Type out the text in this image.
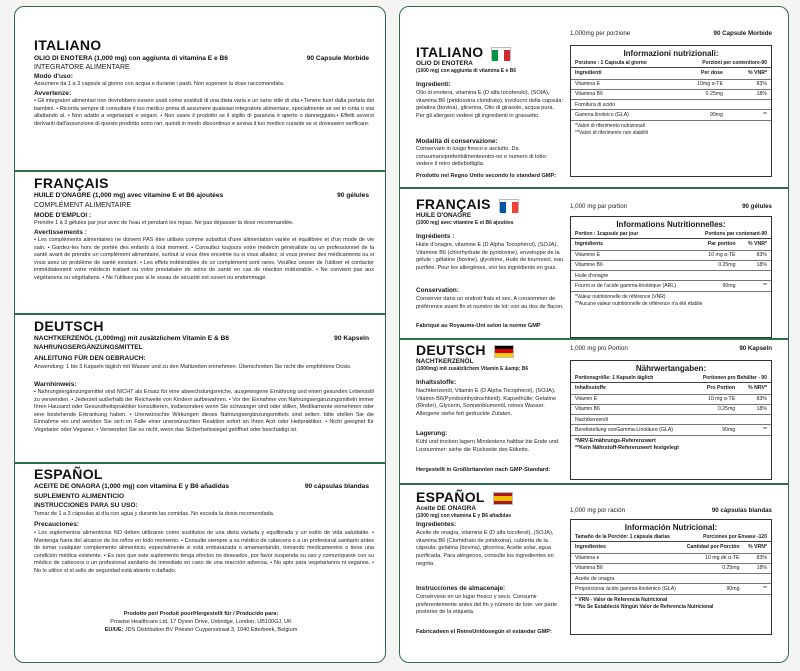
ITALIANO
OLIO DI ENOTERA (1,000 mg) con aggiunta di vitamina E e B6	90 Capsule Morbide
INTEGRATORE ALIMENTARE
Modo d'uso:
Assumere da 1 a 3 capsule al giorno con acqua e durante i pasti. Non superare la dose raccomandata.
Avvertenze:
• Gli integratori alimentari non dovrebbero essere usati come sostituti di una dieta varia e un sano stile di vita.• Tenere fuori dalla portata dei bambini. • Ricorda sempre di consultare il tuo medico prima di assumere qualsiasi integratore alimentare, specialmente se sei in cinta o stai allattando al. • Non adatto a vegetariani e vegani. • Non usare il prodotto se il sigillo di garanzia è aperto o danneggiato.• Effetti avversi derivanti dall'assunzione di questo prodotto sono rari, quindi in modo discontinuo e avvisa il tuo medico curante se si dovessero verificare.
FRANÇAIS
HUILE D'ONAGRE (1,000 mg) avec vitamine E et B6 ajoutées	90 gélules
COMPLÉMENT ALIMENTAIRE
MODE D'EMPLOI :
Prendre 1 à 3 gélules par jour avec de l'eau et pendant les repas. Ne pas dépasser la dose recommandée.
Avertissements :
• Les compléments alimentaires ne doivent PAS être utilisés comme substitut d'une alimentation variée et équilibrée et d'un mode de vie sain. • Gardez-les hors de portée des enfants à tout moment. • Consultez toujours votre médecin généraliste ou un professionnel de la santé avant de prendre un complément alimentaire, surtout si vous êtes enceinte ou si vous allaitez, si vous prenez des médicaments ou si vous avez un problème de santé existant. • Les effets indésirables de ce complément sont rares. Veuillez cesser de l'utiliser et contacter immédiatement votre médecin traitant ou votre prestataire de soins de santé en cas de réaction indésirable. • Ne convient pas aux végétariens ou végétaliens. • Ne l'utilisez pas si le sceau de sécurité est ouvert ou endommagé.
DEUTSCH
NACHTKERZENÖL (1,000mg) mit zusätzlichem Vitamin E & B6	90 Kapseln
NAHRUNGSERGÄNZUNGSMITTEL
ANLEITUNG FÜR DEN GEBRAUCH:
Anwendung: 1 bis 3 Kapseln täglich mit Wasser und zu den Mahlzeiten einnehmen. Überschreiten Sie nicht die empfohlene Dosis.
Warnhinweis:
• Nahrungsergänzungsmittel sind NICHT als Ersatz für eine abwechslungsreiche, ausgewogene Ernährung und einen gesunden Lebensstil zu verwenden. • Jederzeit außerhalb der Reichweite von Kindern aufbewahren. • Vor der Einnahme von Nahrungsergänzungsmitteln immer Ihren Hausarzt oder Gesundheitspraktiker konsultieren, insbesondere wenn Sie schwanger sind oder stillen, Medikamente einnehmen oder eine bestehende Erkrankung haben. • Unerwünschte Wirkungen dieses Nahrungsergänzungsmittels sind selten. bitte stellen Sie die Einnahme ein und wenden Sie sich im Falle einer unerwünschten Reaktion sofort an Ihren Arzt oder Heilpraktiker. • Nicht geeignet für Vegetarier oder Veganer. • Verwenden Sie es nicht, wenn das Sicherheitssiegel geöffnet oder beschädigt ist.
ESPAÑOL
ACEITE DE ONAGRA (1,000 mg) con vitamina E y B6 añadidas	90 cápsulas blandas
SUPLEMENTO ALIMENTICIO
INSTRUCCIONES PARA SU USO:
Tomar de 1 a 3 cápsulas al día con agua y durante las comidas. No exceda la dosis recomendada.
Precauciones:
• Los suplementos alimenticios NO deben utilizarse como sustitutos de una dieta variada y equilibrada y un estilo de vida saludable. • Mantenga fuera del alcance de los niños en todo momento. • Consulte siempre a su médico de cabecera o a un profesional sanitario antes de tomar cualquier complemento alimenticio, especialmente si está embarazada o amamantando, tomando medicamentos o tiene una condición médica existente. • Es raro que este suplemento tenga efectos no deseados, por favor suspenda su uso y comuníquese con su médico de cabecera o un profesional sanitario de inmediato en caso de una reacción adversa. • No apto para vegetarianos ni veganos. • No lo utilice si el sello de seguridad está abierto o dañado.
Prodotto per/ Produit pour/Hergestellt für / Producido para:
Prowise Healthcare Ltd, 17 Dyson Drive, Uxbridge, London, UB100GJ, UK
EU/UE: JDS Distribution BV Priester Cuypersstraat 3, 1040 Etterbeek, Belgium
ITALIANO
OLIO DI ENOTERA
(1000 mg) con aggiunta di vitamina E e B6
Ingredienti:
Olio di enotera, vitamina E (D alfa tocoferolo), (SOIA), vitamina B6 (piridossina cloridrato), involucro della capsula: gelatina (bovina), glicerina, Olio di girasole, acqua pura. Per gli allergeni vedere gli ingredienti in grassetto.
Modalità di conservazione:
Conservare in luogo fresco e asciutto. Da consumarsipreferibilmenteentro-ne e numero di lotto: vedere il retro dellebottiglia.
Prodotto nel Regno Unito secondo lo standard GMP:
1,000mg per porzione	90 Capsule Morbide
Informazioni nutrizionali:
Porzione : 1 Capsula al giorno	Porzioni per contenitore-90
Ingredienti	Per dose	% VNR*
Vitamina E	10mg α-TE	83%
Vitamina B6	0.25mg	18%
Fornitura di acido		
Gamma linoleico (GLA)	90mg	**
*Valori di riferimento nutrizionali
**Valori di riferimento non stabiliti
FRANÇAIS
HUILE D'ONAGRE
(1000 mg) avec vitamine E et B6 ajoutées
Ingrédients :
Huile d'onagre, vitamine E (D Alpha Tocophérol), (SOJA), Vitamine B6 (chlorhydrate de pyridoxine), enveloppe de la gélule : gélatine (bovine), glycérine, Huile de tournesol, eau purifiée. Pour les allergènes, voir les ingrédients en gras.
Conservation:
Conserver dans un endroit frais et sec. A consommer de préférence avant fin et numéro de lot: voir au dos de flacon.
Fabriqué au Royaume-Uni selon la norme GMP
1,000 mg par portion	90 gélules
Informations Nutritionnelles:
Portion : 1capsule par jour	Portions par contenant-90
Ingrédients	Par portion	% VNR*
Vitamine E	10 mg α-TE	83%
Vitamine B6	0.25mg	18%
Huile d'onagre		
Fourni sr de l'acide gamma-linoléique (ARL)	90mg	**
*Valeur nutritionnelle de référence (VNR)
**Aucune valeur nutritionnelle de référence n'a été établie
DEUTSCH
NACHTKERZENÖL
(1000mg) mit zusätzlichem Vitamin E &amp; B6
Inhaltsstoffe:
Nachtkerzenöl, Vitamin E (D Alpha Tocopherol), (SOJA), Vitamin B6(Pyridoxinhydrochlorid). Kapselhülle: Gelatine (Rinder), Glycerin, Sonnenblumenöl, reines Wasser. Allergene siehe fett gedruckte Zutaten.
Lagerung:
Kühl und trocken lagern.Mindestens haltbar bis Ende und Losnummer: siehe die Rückseite des Etiketts.
Hergestellt in Großbritannien nach GMP-Standard:
1,000 mg pro Portion	90 Kapseln
Nährwertangaben:
Portionsgröße: 1 Kapseln täglich	Portionen pro Behälter - 90
Inhaltsstoffe	Pro Portion	% NRV*
Vitamin E	10 mg α-TE	83%
Vitamin B6	0.25mg	18%
Nachtkerzenöl		
Bereitstellung vonGamma-Linoläure (GLA)	90mg	**
*NRV-Ernährungs-Referenzwert
**Kein Nährstoff-Referenzwert festgelegt
ESPAÑOL
Aceite DE ONAGRA
(1000 mg) con vitamina E y B6 añadidas
Ingredientes:
Aceite de onagra, vitamina E (D alfa tocoferol), (SOJA), vitamina B6 (Clorhidrato de piridoxina), cubierta de la cápsula: gelatina (bovina), glicerina, Aceite solar, agua purificada. Para alérgenos, consulte los ingredientes en negrita.
Instrucciones de almacenaje:
Consérvese en un lugar fresco y seco. Consumir preferentemente antes del fin y número de lote: ver parte posterior de la etiqueta.
Fabricadeen el ReinoUnidosegún el estándar GMP:
1,000 mg por ración	90 cápsulas blandas
Información Nutricional:
Tamaño de la Porción: 1 cápsula diarias	Porciones por Envase -120
Ingredientes	Cantidad por Porción	% VRN*
Vitamina e	10 mg de α-TE	83%
Vitamina B6	0.25mg	18%
Aceite de onagra		
Proporcionar ácido gamma-linolénico (GLA)	90mg	**
* VRN - Valor de Referencia Nutricional
**No Se Estableció Ningún Valor de Referencia Nutricional
